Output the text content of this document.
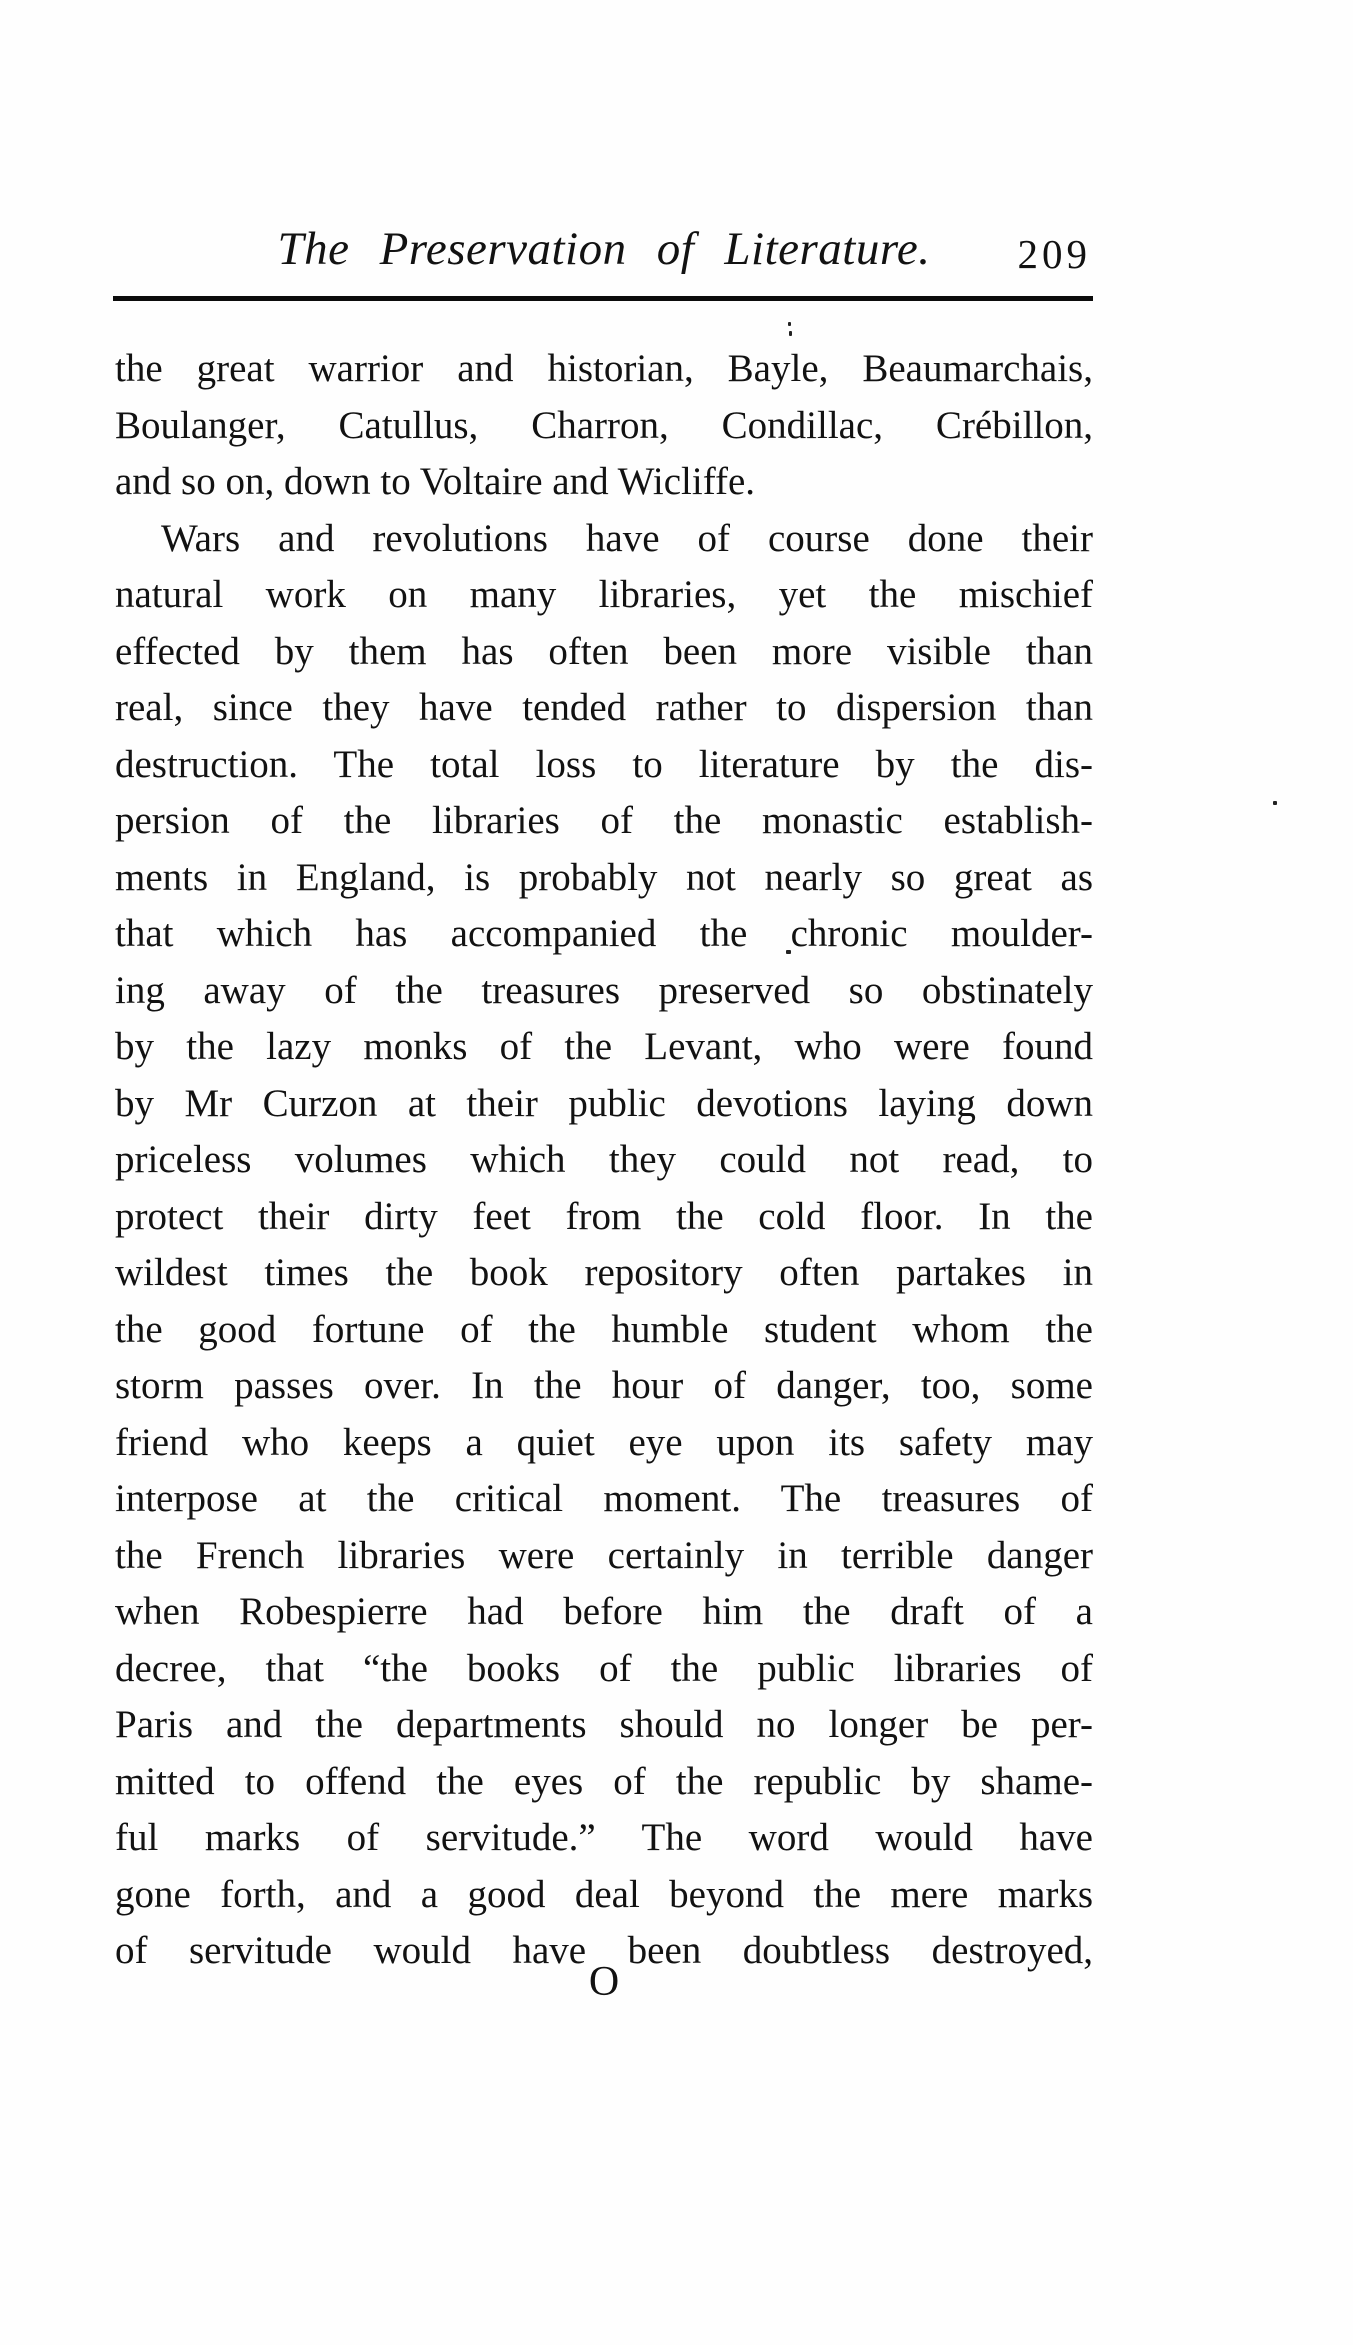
The Preservation of Literature.	209
the great warrior and historian, Bayle, Beaumarchais,
Boulanger, Catullus, Charron, Condillac, Crébillon,
and so on, down to Voltaire and Wicliffe.
Wars and revolutions have of course done their
natural work on many libraries, yet the mischief
effected by them has often been more visible than
real, since they have tended rather to dispersion than
destruction. The total loss to literature by the dis-
persion of the libraries of the monastic establish-
ments in England, is probably not nearly so great as
that which has accompanied the chronic moulder-
ing away of the treasures preserved so obstinately
by the lazy monks of the Levant, who were found
by Mr Curzon at their public devotions laying down
priceless volumes which they could not read, to
protect their dirty feet from the cold floor. In the
wildest times the book repository often partakes in
the good fortune of the humble student whom the
storm passes over. In the hour of danger, too, some
friend who keeps a quiet eye upon its safety may
interpose at the critical moment. The treasures of
the French libraries were certainly in terrible danger
when Robespierre had before him the draft of a
decree, that “the books of the public libraries of
Paris and the departments should no longer be per-
mitted to offend the eyes of the republic by shame-
ful marks of servitude.” The word would have
gone forth, and a good deal beyond the mere marks
of servitude would have been doubtless destroyed,
O
